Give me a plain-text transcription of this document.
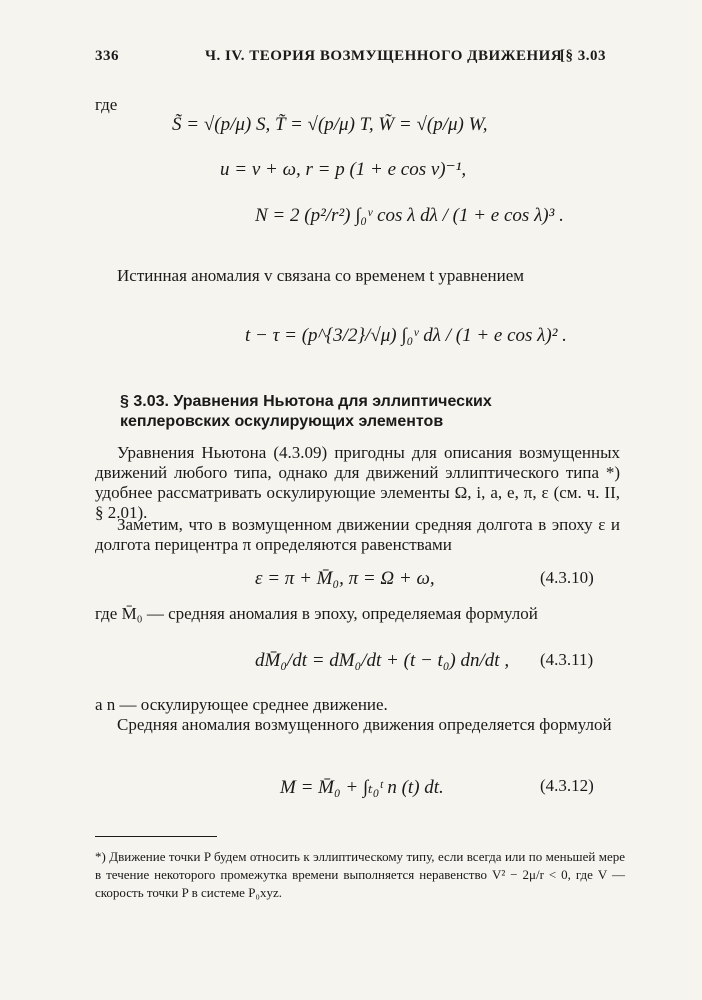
336	Ч. IV. ТЕОРИЯ ВОЗМУЩЕННОГО ДВИЖЕНИЯ
[§ 3.03
где
S̃ = √(p/μ) S, T̃ = √(p/μ) T, W̃ = √(p/μ) W,
u = v + ω, r = p (1 + e cos v)⁻¹,
N = 2 (p²/r²) ∫₀ᵛ cos λ dλ / (1 + e cos λ)³ .
Истинная аномалия v связана со временем t уравнением
t − τ = (p^{3/2}/√μ) ∫₀ᵛ dλ / (1 + e cos λ)² .
§ 3.03. Уравнения Ньютона для эллиптических кеплеровских оскулирующих элементов
Уравнения Ньютона (4.3.09) пригодны для описания возмущенных движений любого типа, однако для движений эллиптического типа *) удобнее рассматривать оскулирующие элементы Ω, i, a, e, π, ε (см. ч. II, § 2.01).
Заметим, что в возмущенном движении средняя долгота в эпоху ε и долгота перицентра π определяются равенствами
ε = π + M̄₀, π = Ω + ω,	(4.3.10)
где M̄₀ — средняя аномалия в эпоху, определяемая формулой
dM̄₀/dt = dM₀/dt + (t − t₀) dn/dt , (4.3.11)
а n — оскулирующее среднее движение.
Средняя аномалия возмущенного движения определяется формулой
M = M̄₀ + ∫ₜ₀ᵗ n (t) dt.	(4.3.12)
*) Движение точки P будем относить к эллиптическому типу, если всегда или по меньшей мере в течение некоторого промежутка времени выполняется неравенство V² − 2μ/r < 0, где V — скорость точки P в системе P₀xyz.
